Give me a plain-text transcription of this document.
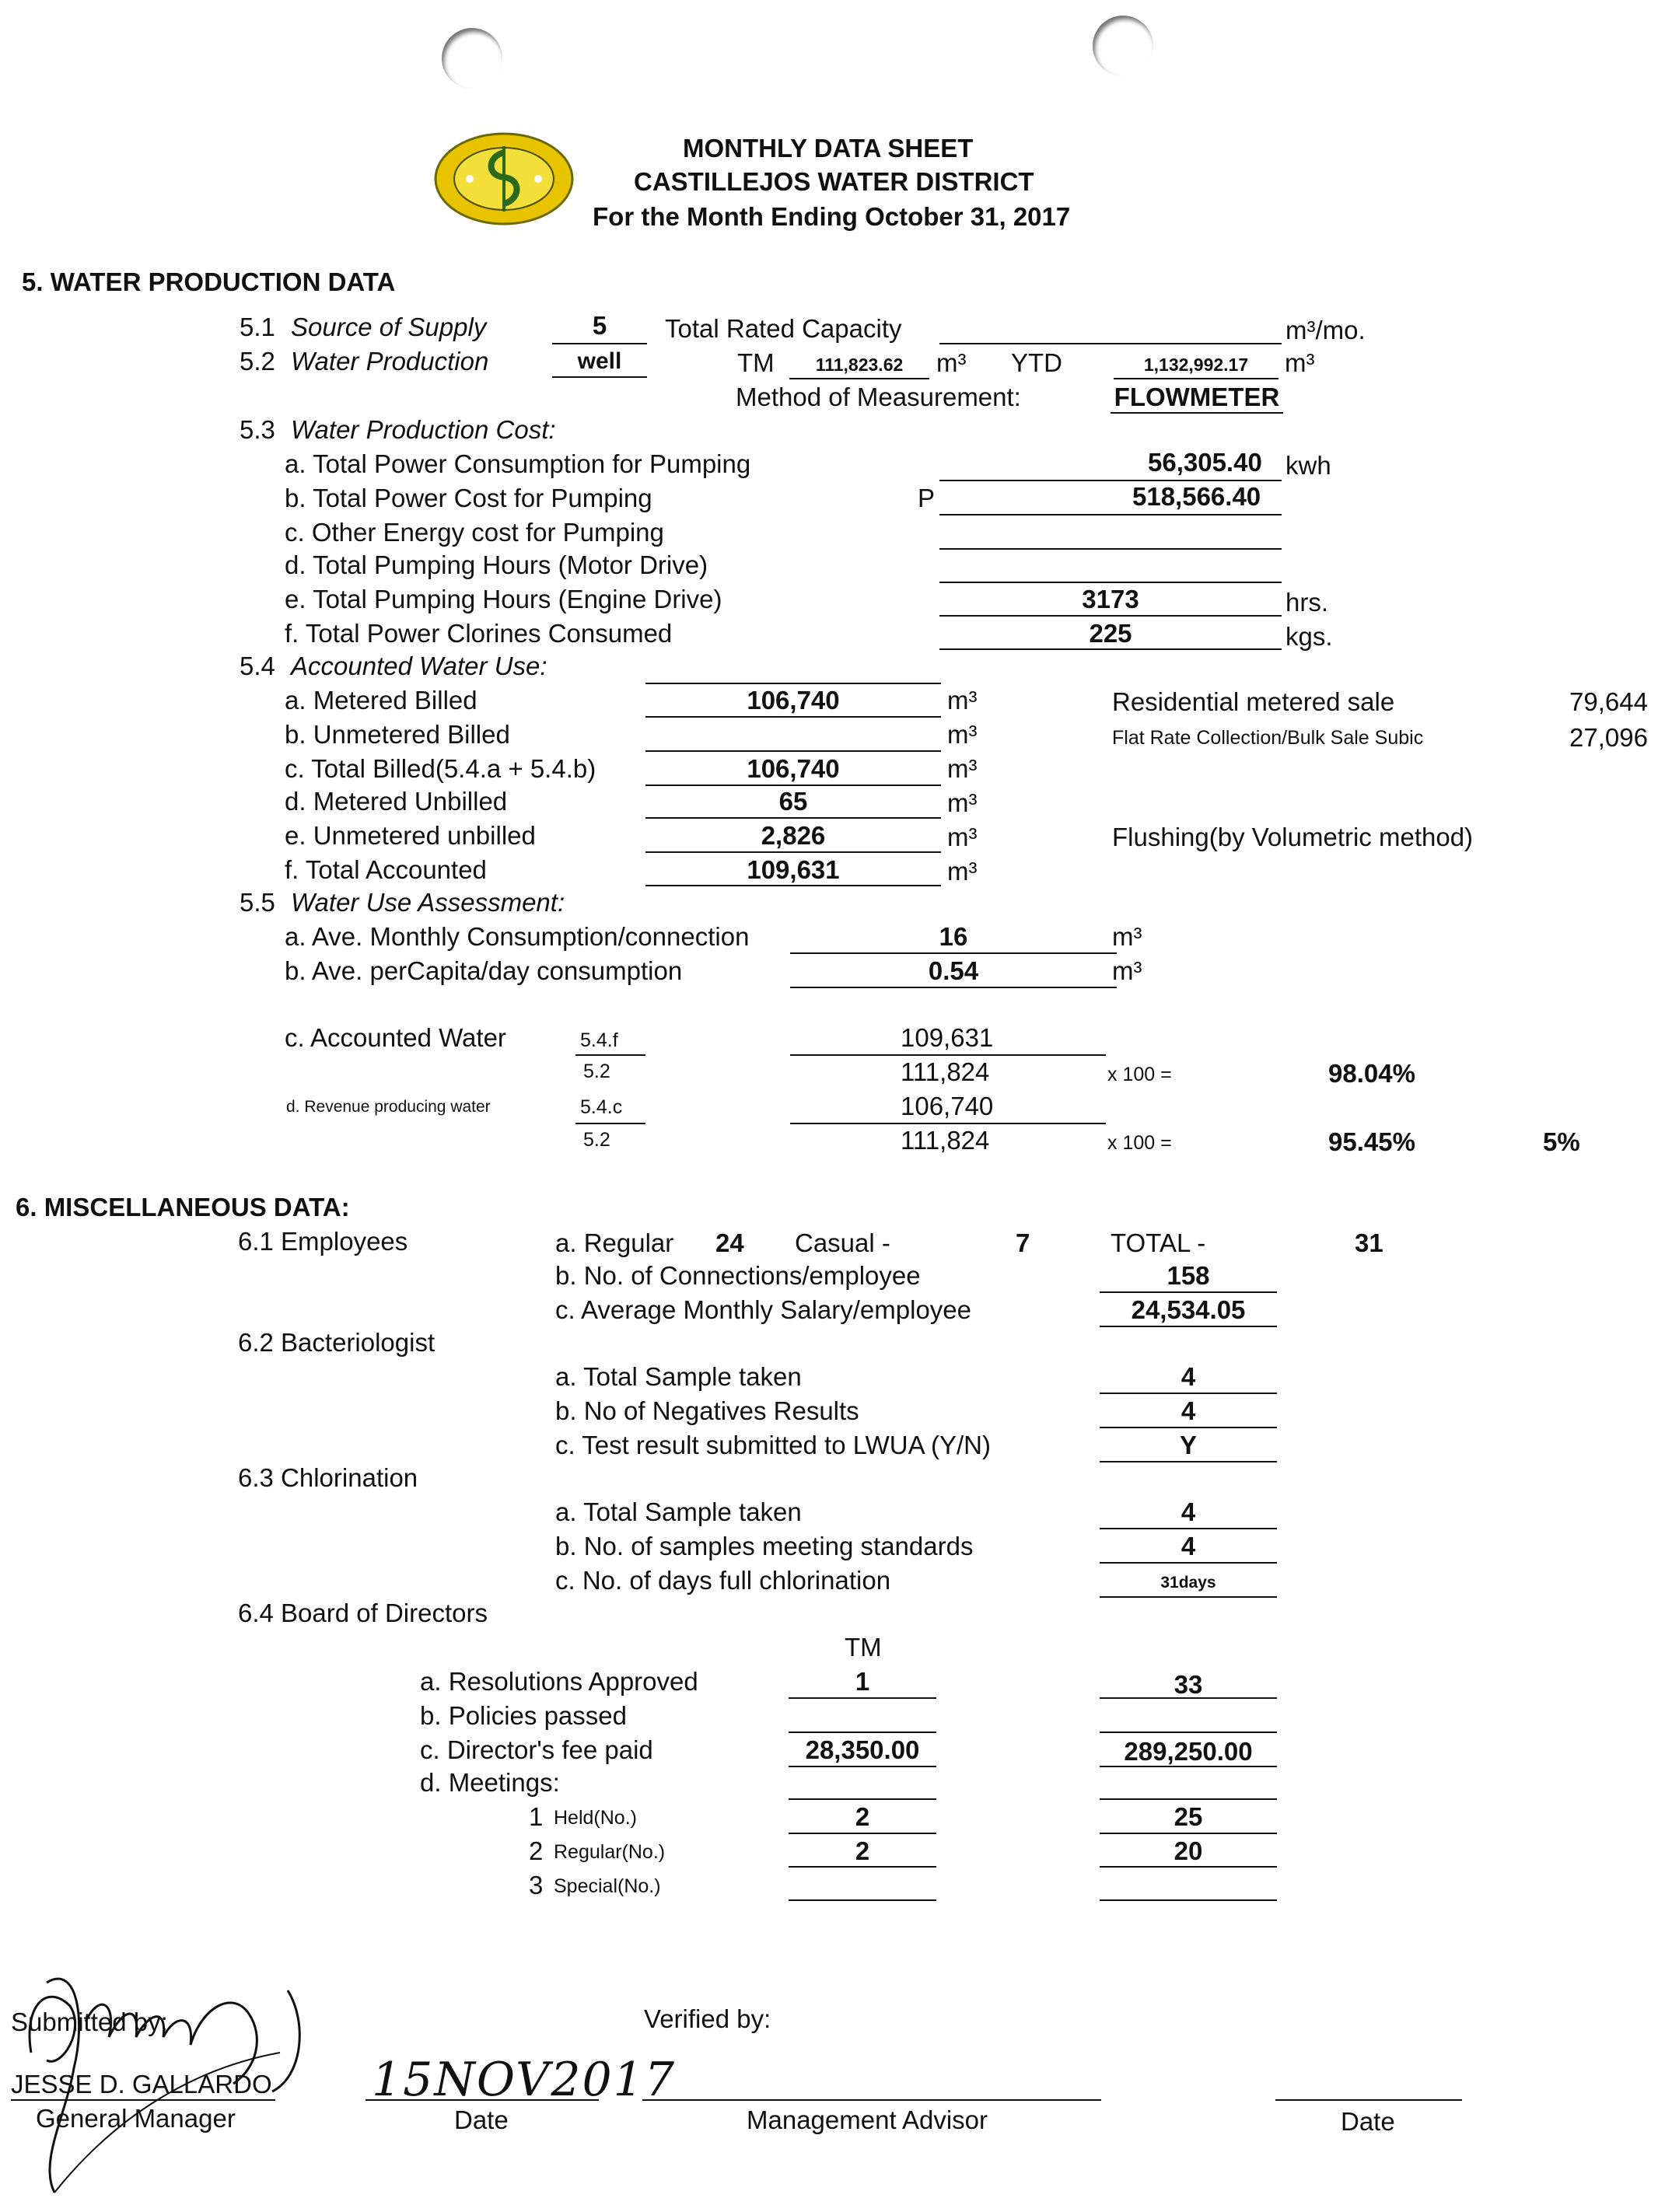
MONTHLY DATA SHEET
CASTILLEJOS WATER DISTRICT
For the Month Ending October 31, 2017
5. WATER PRODUCTION DATA
5.1 Source of Supply	5	Total Rated Capacity	m³/mo.
5.2 Water Production	well	TM	111,823.62	m³ YTD	1,132,992.17	m³
Method of Measurement:	FLOWMETER
5.3 Water Production Cost:
a. Total Power Consumption for Pumping	56,305.40 kwh
b. Total Power Cost for Pumping	P	518,566.40
c. Other Energy cost for Pumping
d. Total Pumping Hours (Motor Drive)
e. Total Pumping Hours (Engine Drive)	3173	hrs.
f. Total Power Clorines Consumed	225	kgs.
5.4 Accounted Water Use:
a. Metered Billed	106,740	m³
b. Unmetered Billed	m³
c. Total Billed(5.4.a + 5.4.b)	106,740	m³
d. Metered Unbilled	65	m³
e. Unmetered unbilled	2,826	m³
f. Total Accounted	109,631	m³
Residential metered sale	79,644
Flat Rate Collection/Bulk Sale Subic	27,096
Flushing(by Volumetric method)
5.5 Water Use Assessment:
a. Ave. Monthly Consumption/connection	16	m³
b. Ave. perCapita/day consumption	0.54	m³
c. Accounted Water	5.4.f
5.2
109,631
111,824	x 100 =	98.04%
d. Revenue producing water	5.4.c
5.2
106,740
111,824	x 100 =	95.45%	5%
6. MISCELLANEOUS DATA:
6.1 Employees	a. Regular 24 Casual -	7	TOTAL -	31
b. No. of Connections/employee	158
c. Average Monthly Salary/employee	24,534.05
6.2 Bacteriologist
a. Total Sample taken	4
b. No of Negatives Results	4
c. Test result submitted to LWUA (Y/N)	Y
6.3 Chlorination
a. Total Sample taken	4
b. No. of samples meeting standards	4
c. No. of days full chlorination	31days
6.4 Board of Directors
TM
a. Resolutions Approved	1	33
b. Policies passed
c. Director's fee paid	28,350.00	289,250.00
d. Meetings:
1 Held(No.)	2	25
2 Regular(No.)	2	20
3 Special(No.)
Submitted by:
JESSE D. GALLARDO
General Manager
15NOV2017
Date
Verified by:
Management Advisor	Date
